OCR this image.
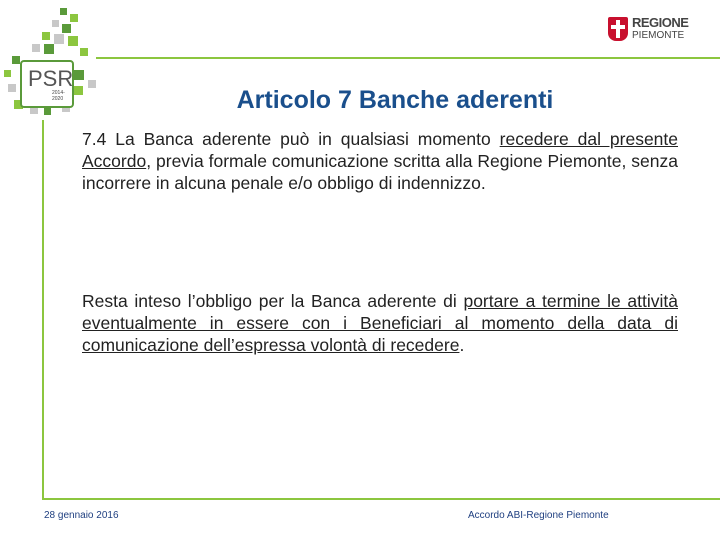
PSR
2014-2020
REGIONE
PIEMONTE
Articolo 7 Banche aderenti
7.4 La Banca aderente può in qualsiasi momento recedere dal presente Accordo, previa formale comunicazione scritta alla Regione Piemonte, senza incorrere in alcuna penale e/o obbligo di indennizzo.
Resta inteso l’obbligo per la Banca aderente di portare a termine le attività eventualmente in essere con i Beneficiari al momento della data di comunicazione dell’espressa volontà di recedere.
28 gennaio 2016	Accordo ABI-Regione Piemonte
